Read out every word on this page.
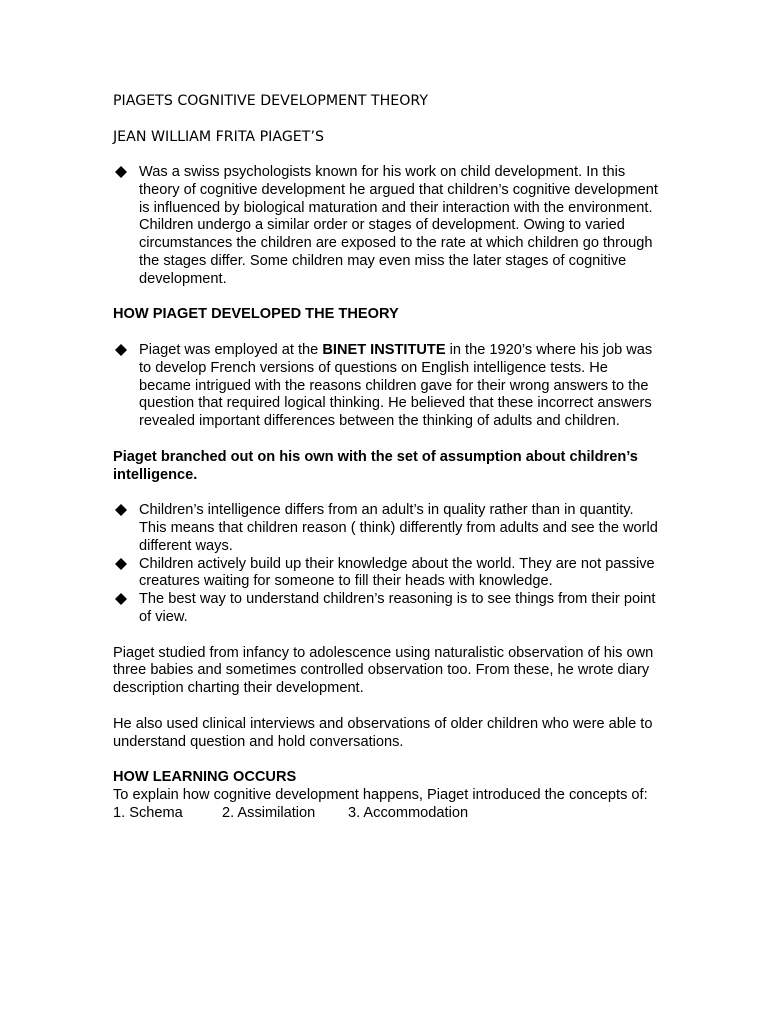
PIAGETS COGNITIVE DEVELOPMENT THEORY
JEAN WILLIAM FRITA PIAGET’S
Was a swiss psychologists known for his work on child development. In this theory of cognitive development he argued that children’s cognitive development is influenced by biological maturation and their interaction with the environment. Children undergo a similar order or stages of development. Owing to varied circumstances the children are exposed to the rate at which children go through the stages differ. Some children may even miss the later stages of cognitive development.

HOW PIAGET DEVELOPED THE THEORY

Piaget was employed at the BINET INSTITUTE in the 1920’s where his job was to develop French versions of questions on English intelligence tests. He became intrigued with the reasons children gave for their wrong answers to the question that required logical thinking. He believed that these incorrect answers revealed important differences between the thinking of adults and children.

Piaget branched out on his own with the set of assumption about children’s intelligence.

Children’s intelligence differs from an adult’s in quality rather than in quantity. This means that children reason ( think) differently from adults and see the world different ways.
Children actively build up their knowledge about the world. They are not passive creatures waiting for someone to fill their heads with knowledge.
The best way to understand children’s reasoning is to see things from their point of view.

Piaget studied from infancy to adolescence using naturalistic observation of his own three babies and sometimes controlled observation too. From these, he wrote diary description charting their development.

He also used clinical interviews and observations of older children who were able to understand question and hold conversations.

HOW LEARNING OCCURS

To explain how cognitive development happens, Piaget introduced the concepts of:

1. Schema	2. Assimilation	3. Accommodation
